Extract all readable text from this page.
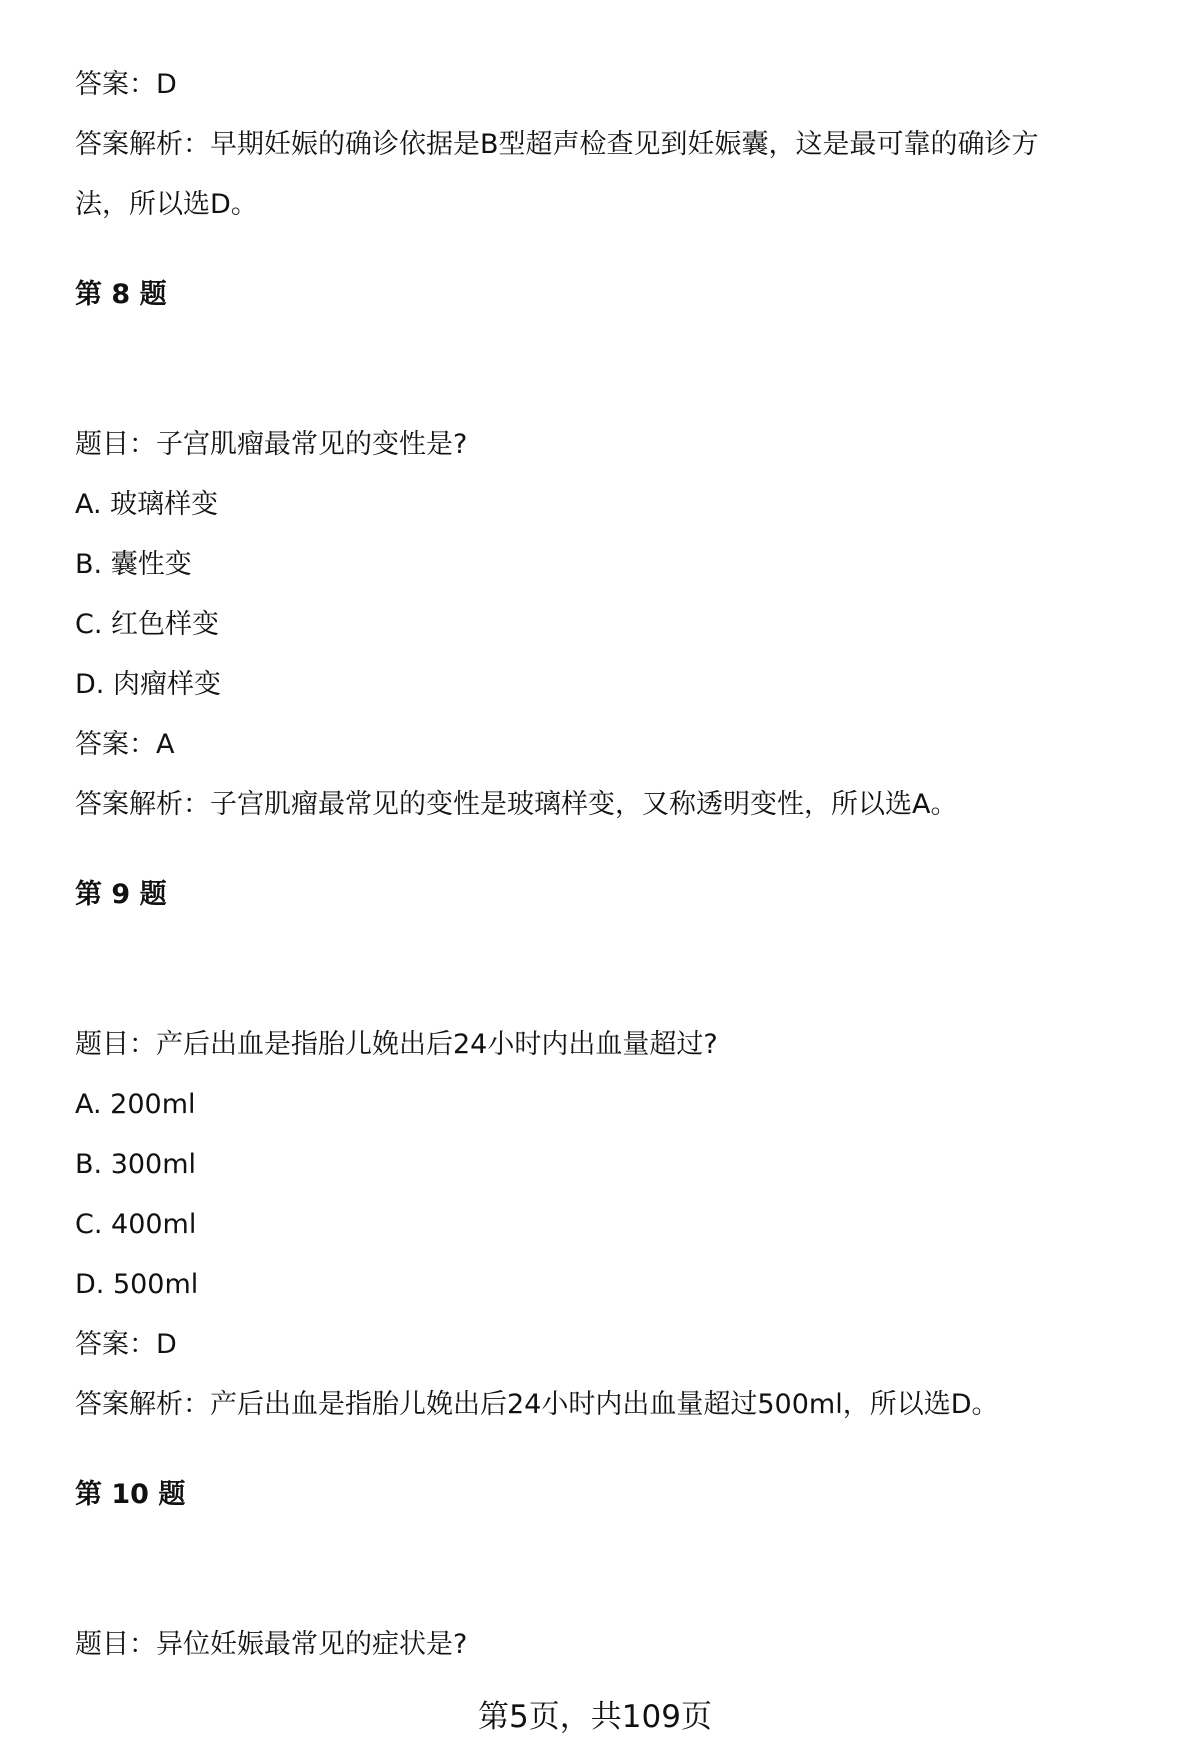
答案：D
答案解析：早期妊娠的确诊依据是B型超声检查见到妊娠囊，这是最可靠的确诊方
法，所以选D。
第 8 题
题目：子宫肌瘤最常见的变性是?
A. 玻璃样变
B. 囊性变
C. 红色样变
D. 肉瘤样变
答案：A
答案解析：子宫肌瘤最常见的变性是玻璃样变，又称透明变性，所以选A。
第 9 题
题目：产后出血是指胎儿娩出后24小时内出血量超过?
A. 200ml
B. 300ml
C. 400ml
D. 500ml
答案：D
答案解析：产后出血是指胎儿娩出后24小时内出血量超过500ml，所以选D。
第 10 题
题目：异位妊娠最常见的症状是?
第5页，共109页
